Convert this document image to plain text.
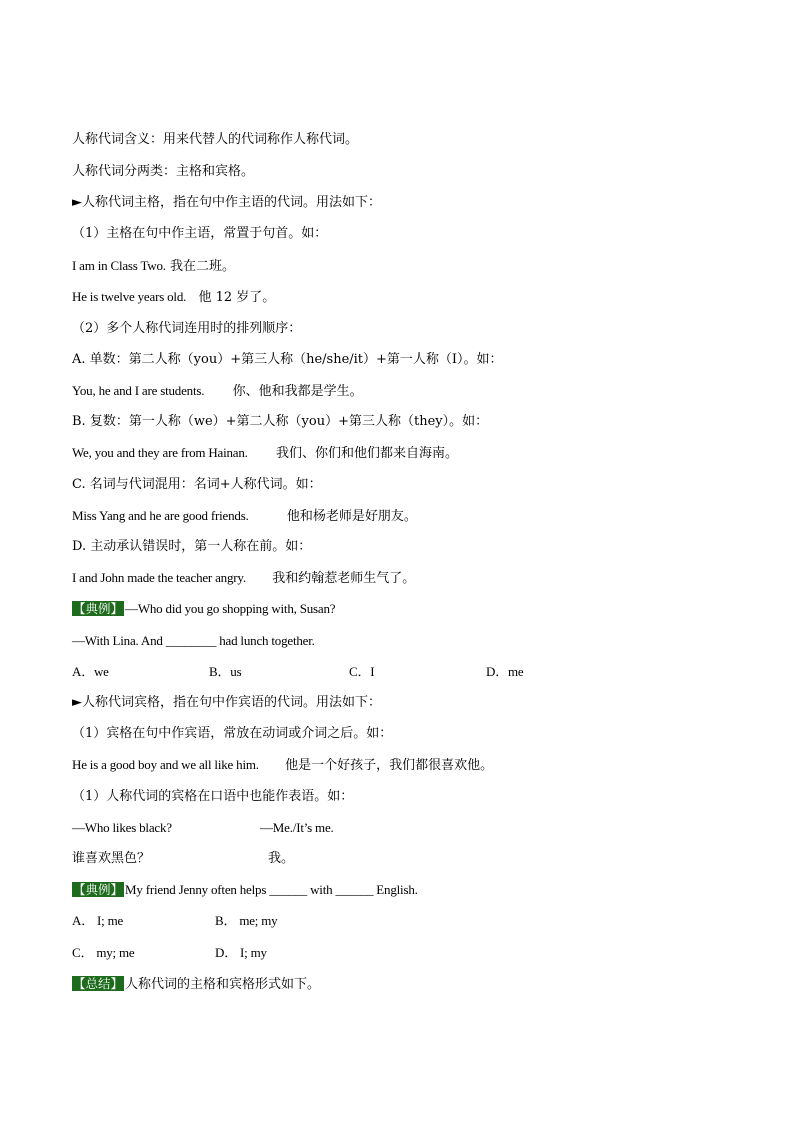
人称代词含义：用来代替人的代词称作人称代词。
人称代词分两类：主格和宾格。
►人称代词主格，指在句中作主语的代词。用法如下：
（1）主格在句中作主语，常置于句首。如：
I am in Class Two. 我在二班。
He is twelve years old. 他 12 岁了。
（2）多个人称代词连用时的排列顺序：
A. 单数：第二人称（you）+第三人称（he/she/it）+第一人称（I）。如：
You, he and I are students. 你、他和我都是学生。
B. 复数：第一人称（we）+第二人称（you）+第三人称（they）。如：
We, you and they are from Hainan. 我们、你们和他们都来自海南。
C. 名词与代词混用：名词+人称代词。如：
Miss Yang and he are good friends.	他和杨老师是好朋友。
D. 主动承认错误时，第一人称在前。如：
I and John made the teacher angry. 我和约翰惹老师生气了。
【典例】 —Who did you go shopping with, Susan?
—With Lina. And ________ had lunch together.
A．we	B．us	C．I	D．me
►人称代词宾格，指在句中作宾语的代词。用法如下：
（1）宾格在句中作宾语，常放在动词或介词之后。如：
He is a good boy and we all like him. 他是一个好孩子，我们都很喜欢他。
（1）人称代词的宾格在口语中也能作表语。如：
—Who likes black?	—Me./It’s me.
谁喜欢黑色？	我。
【典例】 My friend Jenny often helps ______ with ______ English.
A． I; me	B． me; my
C． my; me	D． I; my
【总结】 人称代词的主格和宾格形式如下。
